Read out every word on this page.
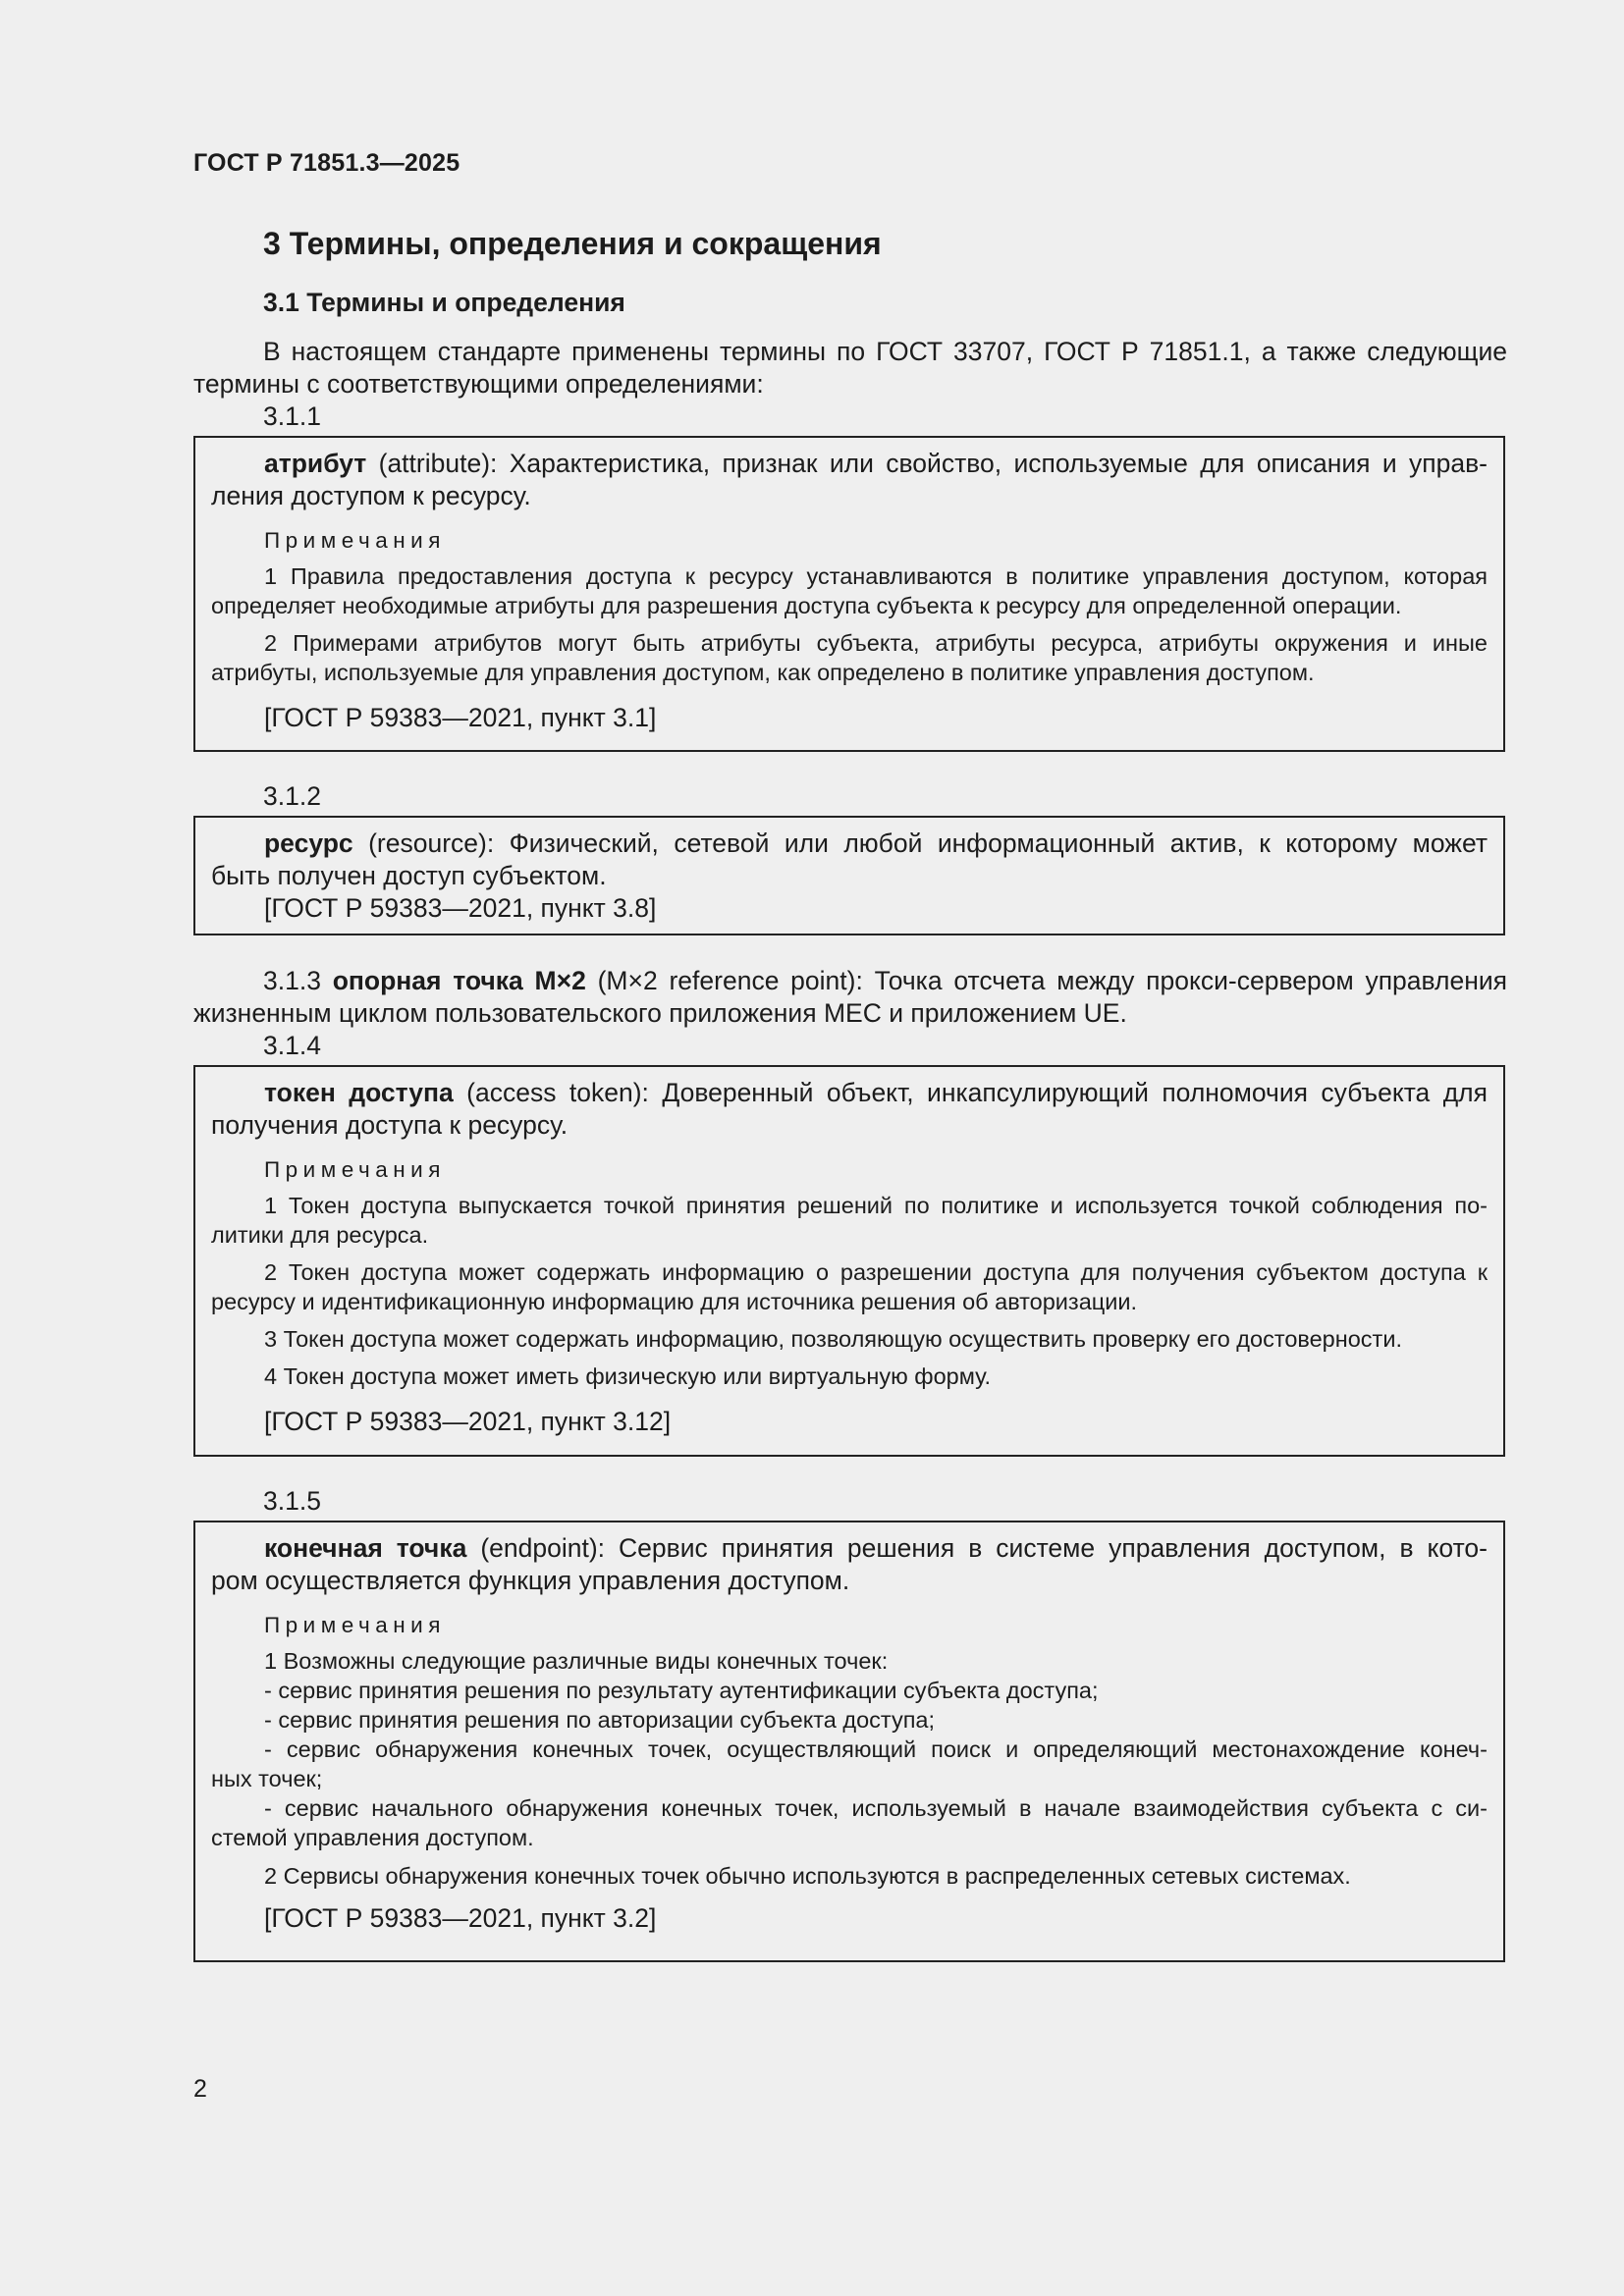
ГОСТ Р 71851.3—2025
3 Термины, определения и сокращения
3.1 Термины и определения
В настоящем стандарте применены термины по ГОСТ 33707, ГОСТ Р 71851.1, а также следующие
термины с соответствующими определениями:
3.1.1

атрибут (attribute): Характеристика, признак или свойство, используемые для описания и управ-

ления доступом к ресурсу.

Примечания

1 Правила предоставления доступа к ресурсу устанавливаются в политике управления доступом, которая

определяет необходимые атрибуты для разрешения доступа субъекта к ресурсу для определенной операции.

2 Примерами атрибутов могут быть атрибуты субъекта, атрибуты ресурса, атрибуты окружения и иные

атрибуты, используемые для управления доступом, как определено в политике управления доступом.

[ГОСТ Р 59383—2021, пункт 3.1]

3.1.2

ресурс (resource): Физический, сетевой или любой информационный актив, к которому может

быть получен доступ субъектом.

[ГОСТ Р 59383—2021, пункт 3.8]

3.1.3 опорная точка M×2 (M×2 reference point): Точка отсчета между прокси-сервером управления
жизненным циклом пользовательского приложения MEC и приложением UE.
3.1.4

токен доступа (access token): Доверенный объект, инкапсулирующий полномочия субъекта для

получения доступа к ресурсу.

Примечания

1 Токен доступа выпускается точкой принятия решений по политике и используется точкой соблюдения по-

литики для ресурса.

2 Токен доступа может содержать информацию о разрешении доступа для получения субъектом доступа к

ресурсу и идентификационную информацию для источника решения об авторизации.

3 Токен доступа может содержать информацию, позволяющую осуществить проверку его достоверности.

4 Токен доступа может иметь физическую или виртуальную форму.

[ГОСТ Р 59383—2021, пункт 3.12]

3.1.5

конечная точка (endpoint): Сервис принятия решения в системе управления доступом, в кото-

ром осуществляется функция управления доступом.

Примечания

1 Возможны следующие различные виды конечных точек:

- сервис принятия решения по результату аутентификации субъекта доступа;

- сервис принятия решения по авторизации субъекта доступа;

- сервис обнаружения конечных точек, осуществляющий поиск и определяющий местонахождение конеч-

ных точек;

- сервис начального обнаружения конечных точек, используемый в начале взаимодействия субъекта с си-

стемой управления доступом.

2 Сервисы обнаружения конечных точек обычно используются в распределенных сетевых системах.

[ГОСТ Р 59383—2021, пункт 3.2]

2
